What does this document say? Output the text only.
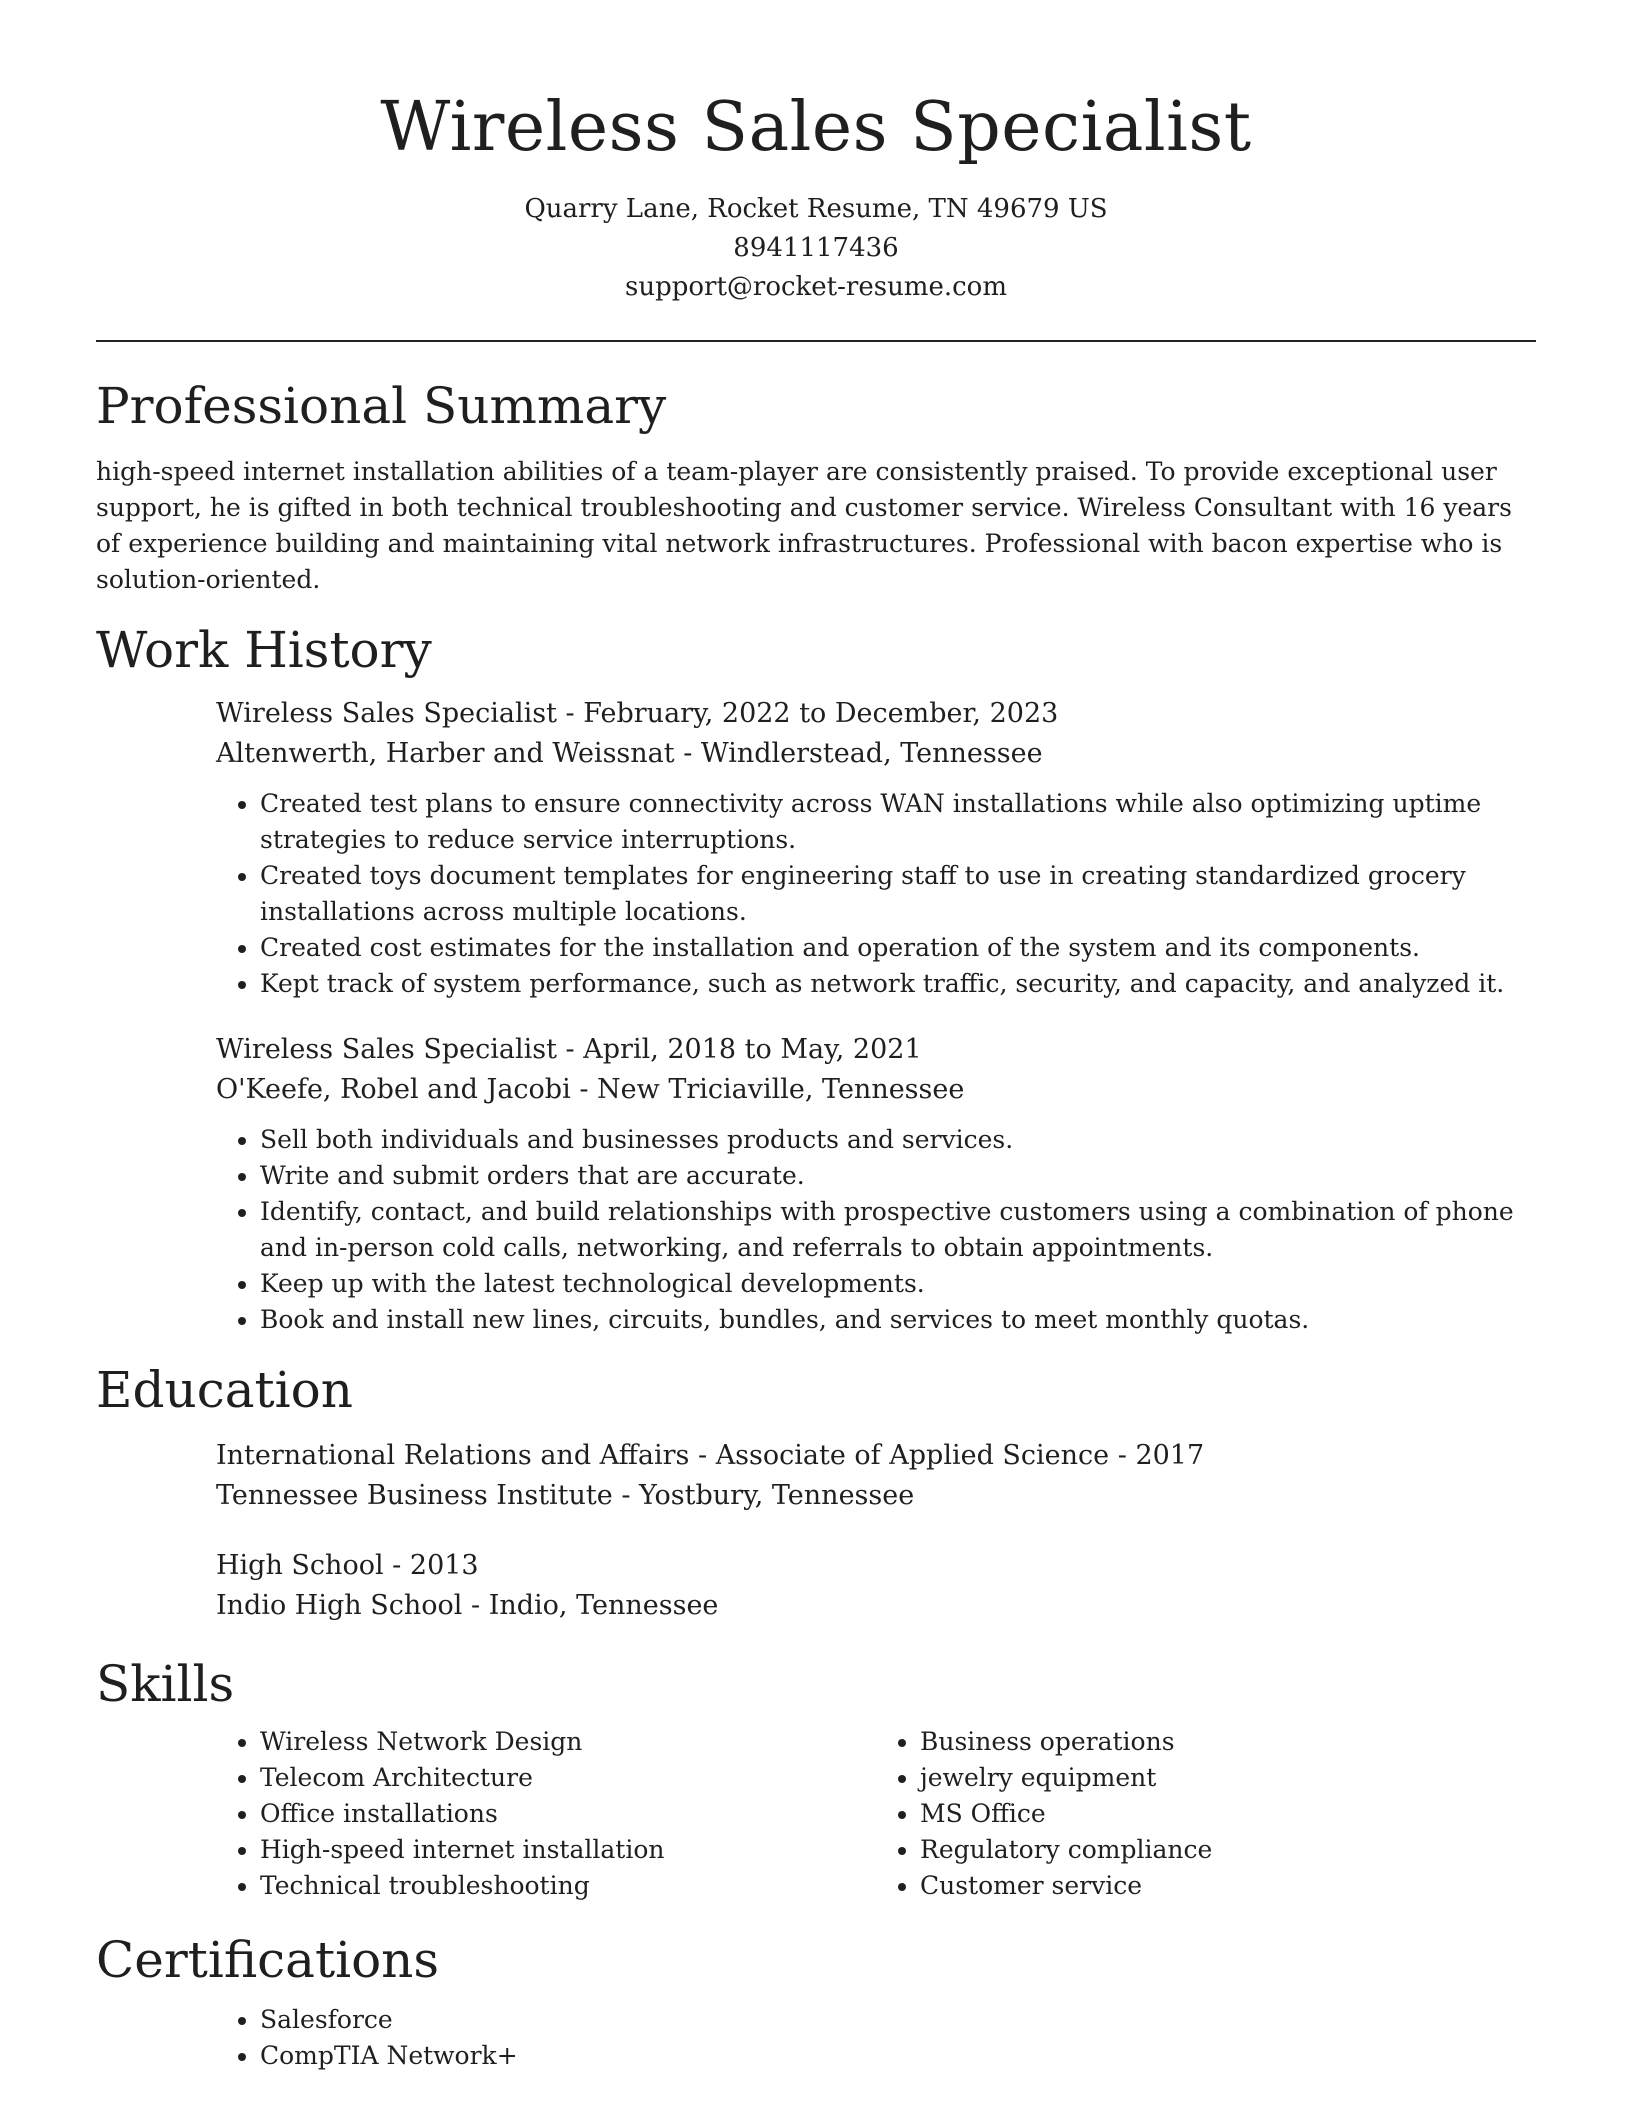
Wireless Sales Specialist
Quarry Lane, Rocket Resume, TN 49679 US
8941117436
support@rocket-resume.com
Professional Summary

high-speed internet installation abilities of a team-player are consistently praised. To provide exceptional user support, he is gifted in both technical troubleshooting and customer service. Wireless Consultant with 16 years of experience building and maintaining vital network infrastructures. Professional with bacon expertise who is solution-oriented.

Work History
Wireless Sales Specialist - February, 2022 to December, 2023
Altenwerth, Harber and Weissnat - Windlerstead, Tennessee
• Created test plans to ensure connectivity across WAN installations while also optimizing uptime strategies to reduce service interruptions.
• Created toys document templates for engineering staff to use in creating standardized grocery installations across multiple locations.
• Created cost estimates for the installation and operation of the system and its components.
• Kept track of system performance, such as network traffic, security, and capacity, and analyzed it.
Wireless Sales Specialist - April, 2018 to May, 2021
O'Keefe, Robel and Jacobi - New Triciaville, Tennessee
• Sell both individuals and businesses products and services.
• Write and submit orders that are accurate.
• Identify, contact, and build relationships with prospective customers using a combination of phone and in-person cold calls, networking, and referrals to obtain appointments.
• Keep up with the latest technological developments.
• Book and install new lines, circuits, bundles, and services to meet monthly quotas.
Education
International Relations and Affairs - Associate of Applied Science - 2017
Tennessee Business Institute - Yostbury, Tennessee
High School - 2013
Indio High School - Indio, Tennessee
Skills
• Wireless Network Design
• Telecom Architecture
• Office installations
• High-speed internet installation
• Technical troubleshooting
• Business operations
• jewelry equipment
• MS Office
• Regulatory compliance
• Customer service
Certifications
• Salesforce
• CompTIA Network+
